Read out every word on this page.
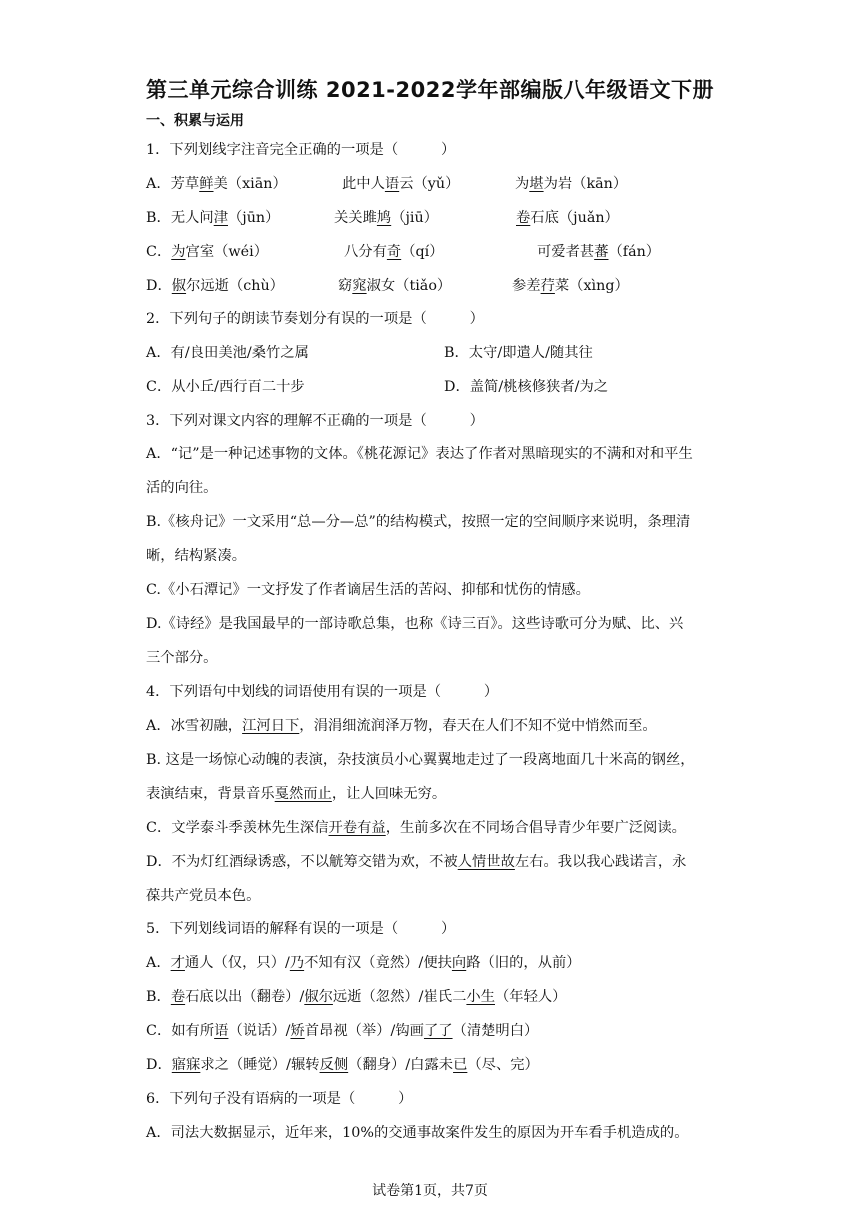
第三单元综合训练 2021-2022学年部编版八年级语文下册
一、积累与运用
1．下列划线字注音完全正确的一项是（　　　）
A．芳草鲜美（xiān）	此中人语云（yǔ）	为堪为岩（kān）
B．无人问津（jūn）	关关雎鸠（jiū）	卷石底（juǎn）
C．为宫室（wéi）	八分有奇（qí）	可爱者甚蕃（fán）
D．俶尔远逝（chù）	窈窕淑女（tiǎo）	参差荇菜（xìng）
2．下列句子的朗读节奏划分有误的一项是（　　　）
A．有/良田美池/桑竹之属	B．太守/即遣人/随其往
C．从小丘/西行百二十步	D．盖简/桃核修狭者/为之
3．下列对课文内容的理解不正确的一项是（　　　）
A．“记”是一种记述事物的文体。《桃花源记》表达了作者对黑暗现实的不满和对和平生
活的向往。
B.《核舟记》一文采用“总—分—总”的结构模式，按照一定的空间顺序来说明，条理清
晰，结构紧凑。
C.《小石潭记》一文抒发了作者谪居生活的苦闷、抑郁和忧伤的情感。
D.《诗经》是我国最早的一部诗歌总集，也称《诗三百》。这些诗歌可分为赋、比、兴
三个部分。
4．下列语句中划线的词语使用有误的一项是（　　　）
A．冰雪初融，江河日下，涓涓细流润泽万物，春天在人们不知不觉中悄然而至。
B. 这是一场惊心动魄的表演，杂技演员小心翼翼地走过了一段离地面几十米高的钢丝，
表演结束，背景音乐戛然而止，让人回味无穷。
C．文学泰斗季羡林先生深信开卷有益，生前多次在不同场合倡导青少年要广泛阅读。
D．不为灯红酒绿诱惑，不以觥筹交错为欢，不被人情世故左右。我以我心践诺言，永
葆共产党员本色。
5．下列划线词语的解释有误的一项是（　　　）
A．才通人（仅，只）/乃不知有汉（竟然）/便扶向路（旧的，从前）
B．卷石底以出（翻卷）/俶尔远逝（忽然）/崔氏二小生（年轻人）
C．如有所语（说话）/矫首昂视（举）/钩画了了（清楚明白）
D．寤寐求之（睡觉）/辗转反侧（翻身）/白露未已（尽、完）
6．下列句子没有语病的一项是（　　　）
A．司法大数据显示，近年来，10%的交通事故案件发生的原因为开车看手机造成的。
试卷第1页，共7页
